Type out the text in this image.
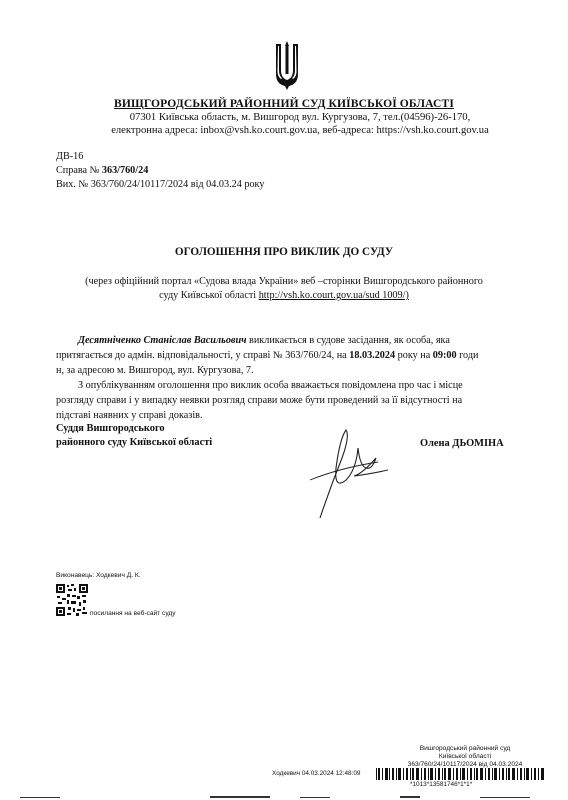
ВИЩГОРОДСЬКИЙ РАЙОННИЙ СУД КИЇВСЬКОЇ ОБЛАСТІ
07301 Київська область, м. Вишгород вул. Кургузова, 7, тел.(04596)-26-170,
електронна адреса: inbox@vsh.ko.court.gov.ua, веб-адреса: https://vsh.ko.court.gov.ua
ДВ-16
Справа № 363/760/24
Вих. № 363/760/24/10117/2024 від 04.03.24 року
ОГОЛОШЕННЯ ПРО ВИКЛИК ДО СУДУ
(через офіційний портал «Судова влада України» веб –сторінки Вишгородського районного
суду Київської області http://vsh.ko.court.gov.ua/sud 1009/)
Десятніченко Станіслав Васильович викликається в судове засідання, як особа, яка
притягається до адмін. відповідальності, у справі № 363/760/24, на 18.03.2024 року на 09:00 годи
н, за адресою м. Вишгород, вул. Кургузова, 7.
З опублікуванням оголошення про виклик особа вважається повідомлена про час і місце
розгляду справи і у випадку неявки розгляд справи може бути проведений за її відсутності на
підставі наявних у справі доказів.
Суддя Вишгородського
районного суду Київської області	Олена ДЬОМІНА
Виконавець: Ходкевич Д. К.
посилання на веб-сайт суду
Вишгородський районний суд
Київської області
363/760/24/10117/2024 від 04.03.2024
Ходкевич 04.03.2024 12:48:09
*1013*13581746*1*1*
